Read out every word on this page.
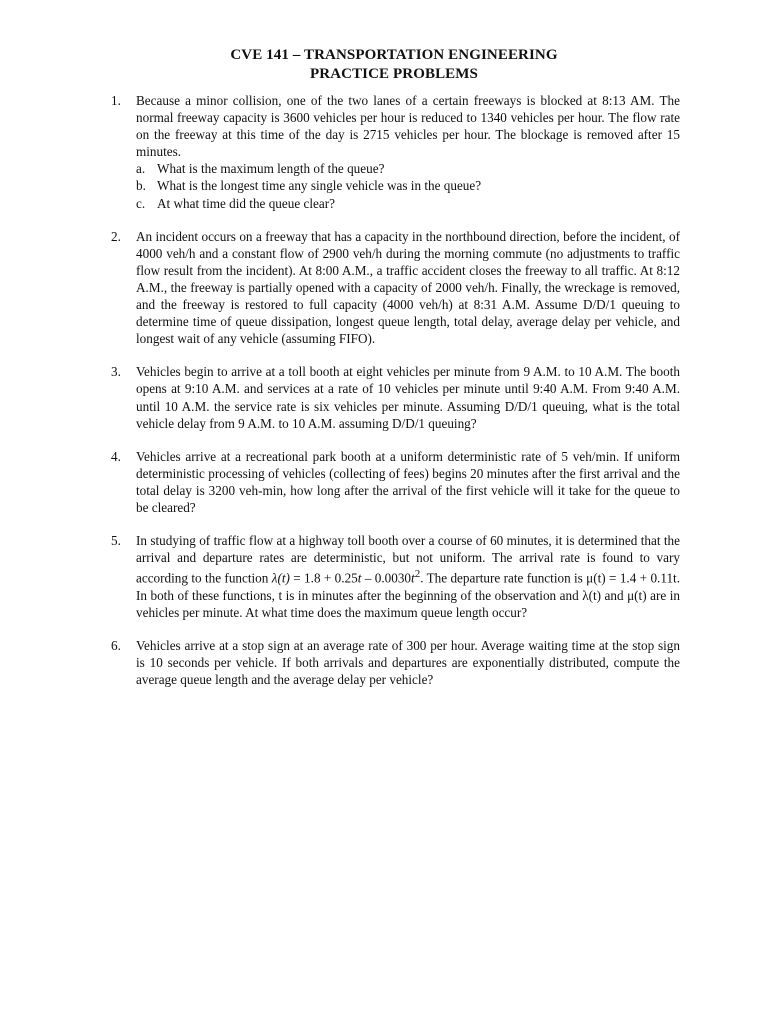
CVE 141 – TRANSPORTATION ENGINEERING
PRACTICE PROBLEMS
1. Because a minor collision, one of the two lanes of a certain freeways is blocked at 8:13 AM. The normal freeway capacity is 3600 vehicles per hour is reduced to 1340 vehicles per hour. The flow rate on the freeway at this time of the day is 2715 vehicles per hour. The blockage is removed after 15 minutes.
a. What is the maximum length of the queue?
b. What is the longest time any single vehicle was in the queue?
c. At what time did the queue clear?
2. An incident occurs on a freeway that has a capacity in the northbound direction, before the incident, of 4000 veh/h and a constant flow of 2900 veh/h during the morning commute (no adjustments to traffic flow result from the incident). At 8:00 A.M., a traffic accident closes the freeway to all traffic. At 8:12 A.M., the freeway is partially opened with a capacity of 2000 veh/h. Finally, the wreckage is removed, and the freeway is restored to full capacity (4000 veh/h) at 8:31 A.M. Assume D/D/1 queuing to determine time of queue dissipation, longest queue length, total delay, average delay per vehicle, and longest wait of any vehicle (assuming FIFO).
3. Vehicles begin to arrive at a toll booth at eight vehicles per minute from 9 A.M. to 10 A.M. The booth opens at 9:10 A.M. and services at a rate of 10 vehicles per minute until 9:40 A.M. From 9:40 A.M. until 10 A.M. the service rate is six vehicles per minute. Assuming D/D/1 queuing, what is the total vehicle delay from 9 A.M. to 10 A.M. assuming D/D/1 queuing?
4. Vehicles arrive at a recreational park booth at a uniform deterministic rate of 5 veh/min. If uniform deterministic processing of vehicles (collecting of fees) begins 20 minutes after the first arrival and the total delay is 3200 veh-min, how long after the arrival of the first vehicle will it take for the queue to be cleared?
5. In studying of traffic flow at a highway toll booth over a course of 60 minutes, it is determined that the arrival and departure rates are deterministic, but not uniform. The arrival rate is found to vary according to the function $\lambda(t) = 1.8 + 0.25t - 0.0030t^2$. The departure rate function is μ(t) = 1.4 + 0.11t. In both of these functions, t is in minutes after the beginning of the observation and λ(t) and μ(t) are in vehicles per minute. At what time does the maximum queue length occur?
6. Vehicles arrive at a stop sign at an average rate of 300 per hour. Average waiting time at the stop sign is 10 seconds per vehicle. If both arrivals and departures are exponentially distributed, compute the average queue length and the average delay per vehicle?
